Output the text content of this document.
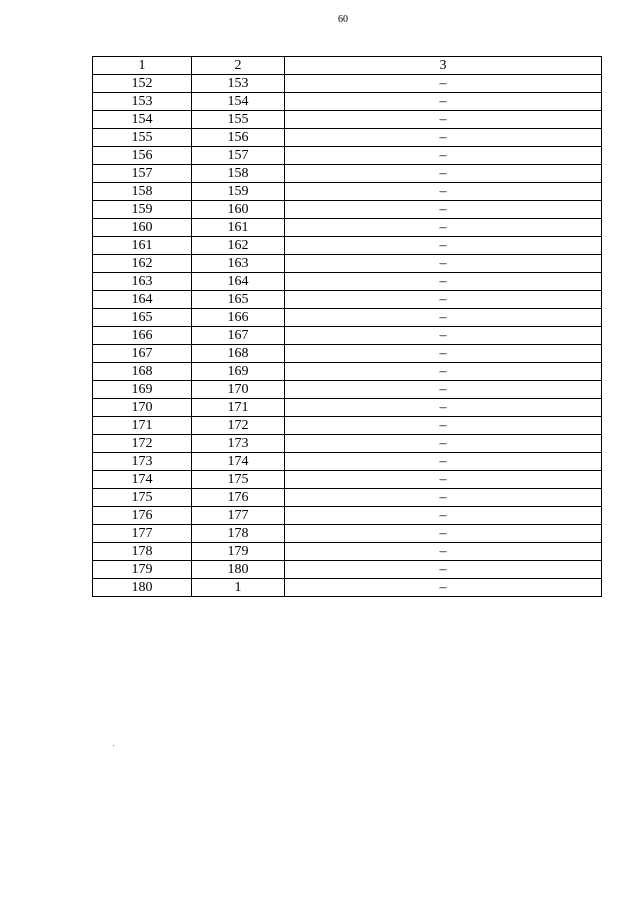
60
1	2	3
152	153	–
153	154	–
154	155	–
155	156	–
156	157	–
157	158	–
158	159	–
159	160	–
160	161	–
161	162	–
162	163	–
163	164	–
164	165	–
165	166	–
166	167	–
167	168	–
168	169	–
169	170	–
170	171	–
171	172	–
172	173	–
173	174	–
174	175	–
175	176	–
176	177	–
177	178	–
178	179	–
179	180	–
180	1	–
